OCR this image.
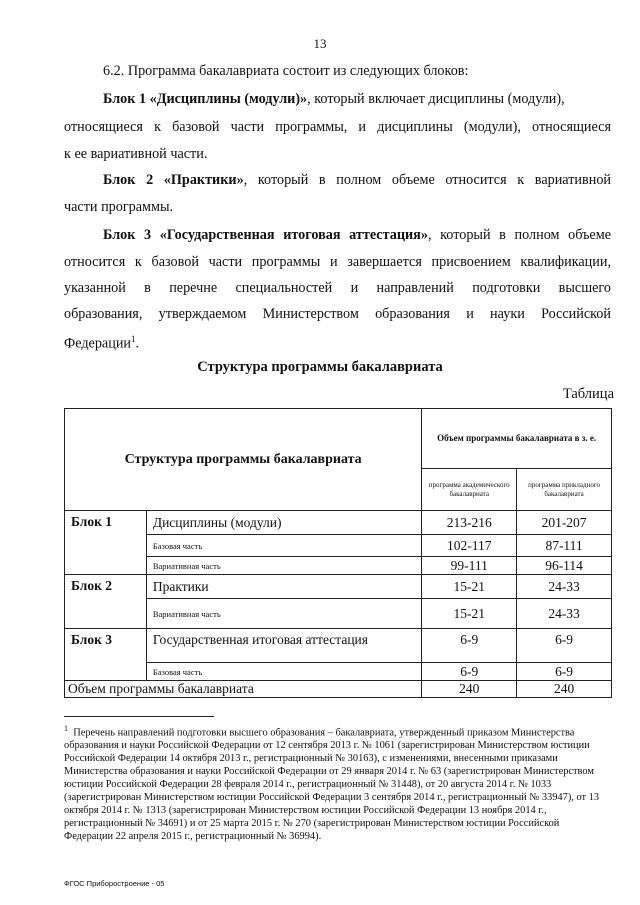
13
6.2. Программа бакалавриата состоит из следующих блоков:
Блок 1 «Дисциплины (модули)», который включает дисциплины (модули),
относящиеся к базовой части программы, и дисциплины (модули), относящиеся
к ее вариативной части.
Блок 2 «Практики», который в полном объеме относится к вариативной
части программы.
Блок 3 «Государственная итоговая аттестация», который в полном объеме
относится к базовой части программы и завершается присвоением квалификации,
указанной в перечне специальностей и направлений подготовки высшего
образования, утверждаемом Министерством образования и науки Российской
Федерации$^1$.
Структура программы бакалавриата
Таблица
Структура программы бакалавриата		Объем программы бакалавриата в з. е.	
		программа академического бакалавриата	программа прикладного бакалавриата
Блок 1	Дисциплины (модули)	213-216	201-207
	Базовая часть	102-117	87-111
	Вариативная часть	99-111	96-114
Блок 2	Практики	15-21	24-33
	Вариативная часть	15-21	24-33
Блок 3	Государственная итоговая аттестация	6-9	6-9
	Базовая часть	6-9	6-9
Объем программы бакалавриата		240	240
$^1$ Перечень направлений подготовки высшего образования – бакалавриата, утвержденный приказом Министерства образования и науки Российской Федерации от 12 сентября 2013 г. № 1061 (зарегистрирован Министерством юстиции Российской Федерации 14 октября 2013 г., регистрационный № 30163), с изменениями, внесенными приказами Министерства образования и науки Российской Федерации от 29 января 2014 г. № 63 (зарегистрирован Министерством юстиции Российской Федерации 28 февраля 2014 г., регистрационный № 31448), от 20 августа 2014 г. № 1033 (зарегистрирован Министерством юстиции Российской Федерации 3 сентября 2014 г., регистрационный № 33947), от 13 октября 2014 г. № 1313 (зарегистрирован Министерством юстиции Российской Федерации 13 ноября 2014 г., регистрационный № 34691) и от 25 марта 2015 г. № 270 (зарегистрирован Министерством юстиции Российской Федерации 22 апреля 2015 г., регистрационный № 36994).
ФГОС Приборостроение - 05
